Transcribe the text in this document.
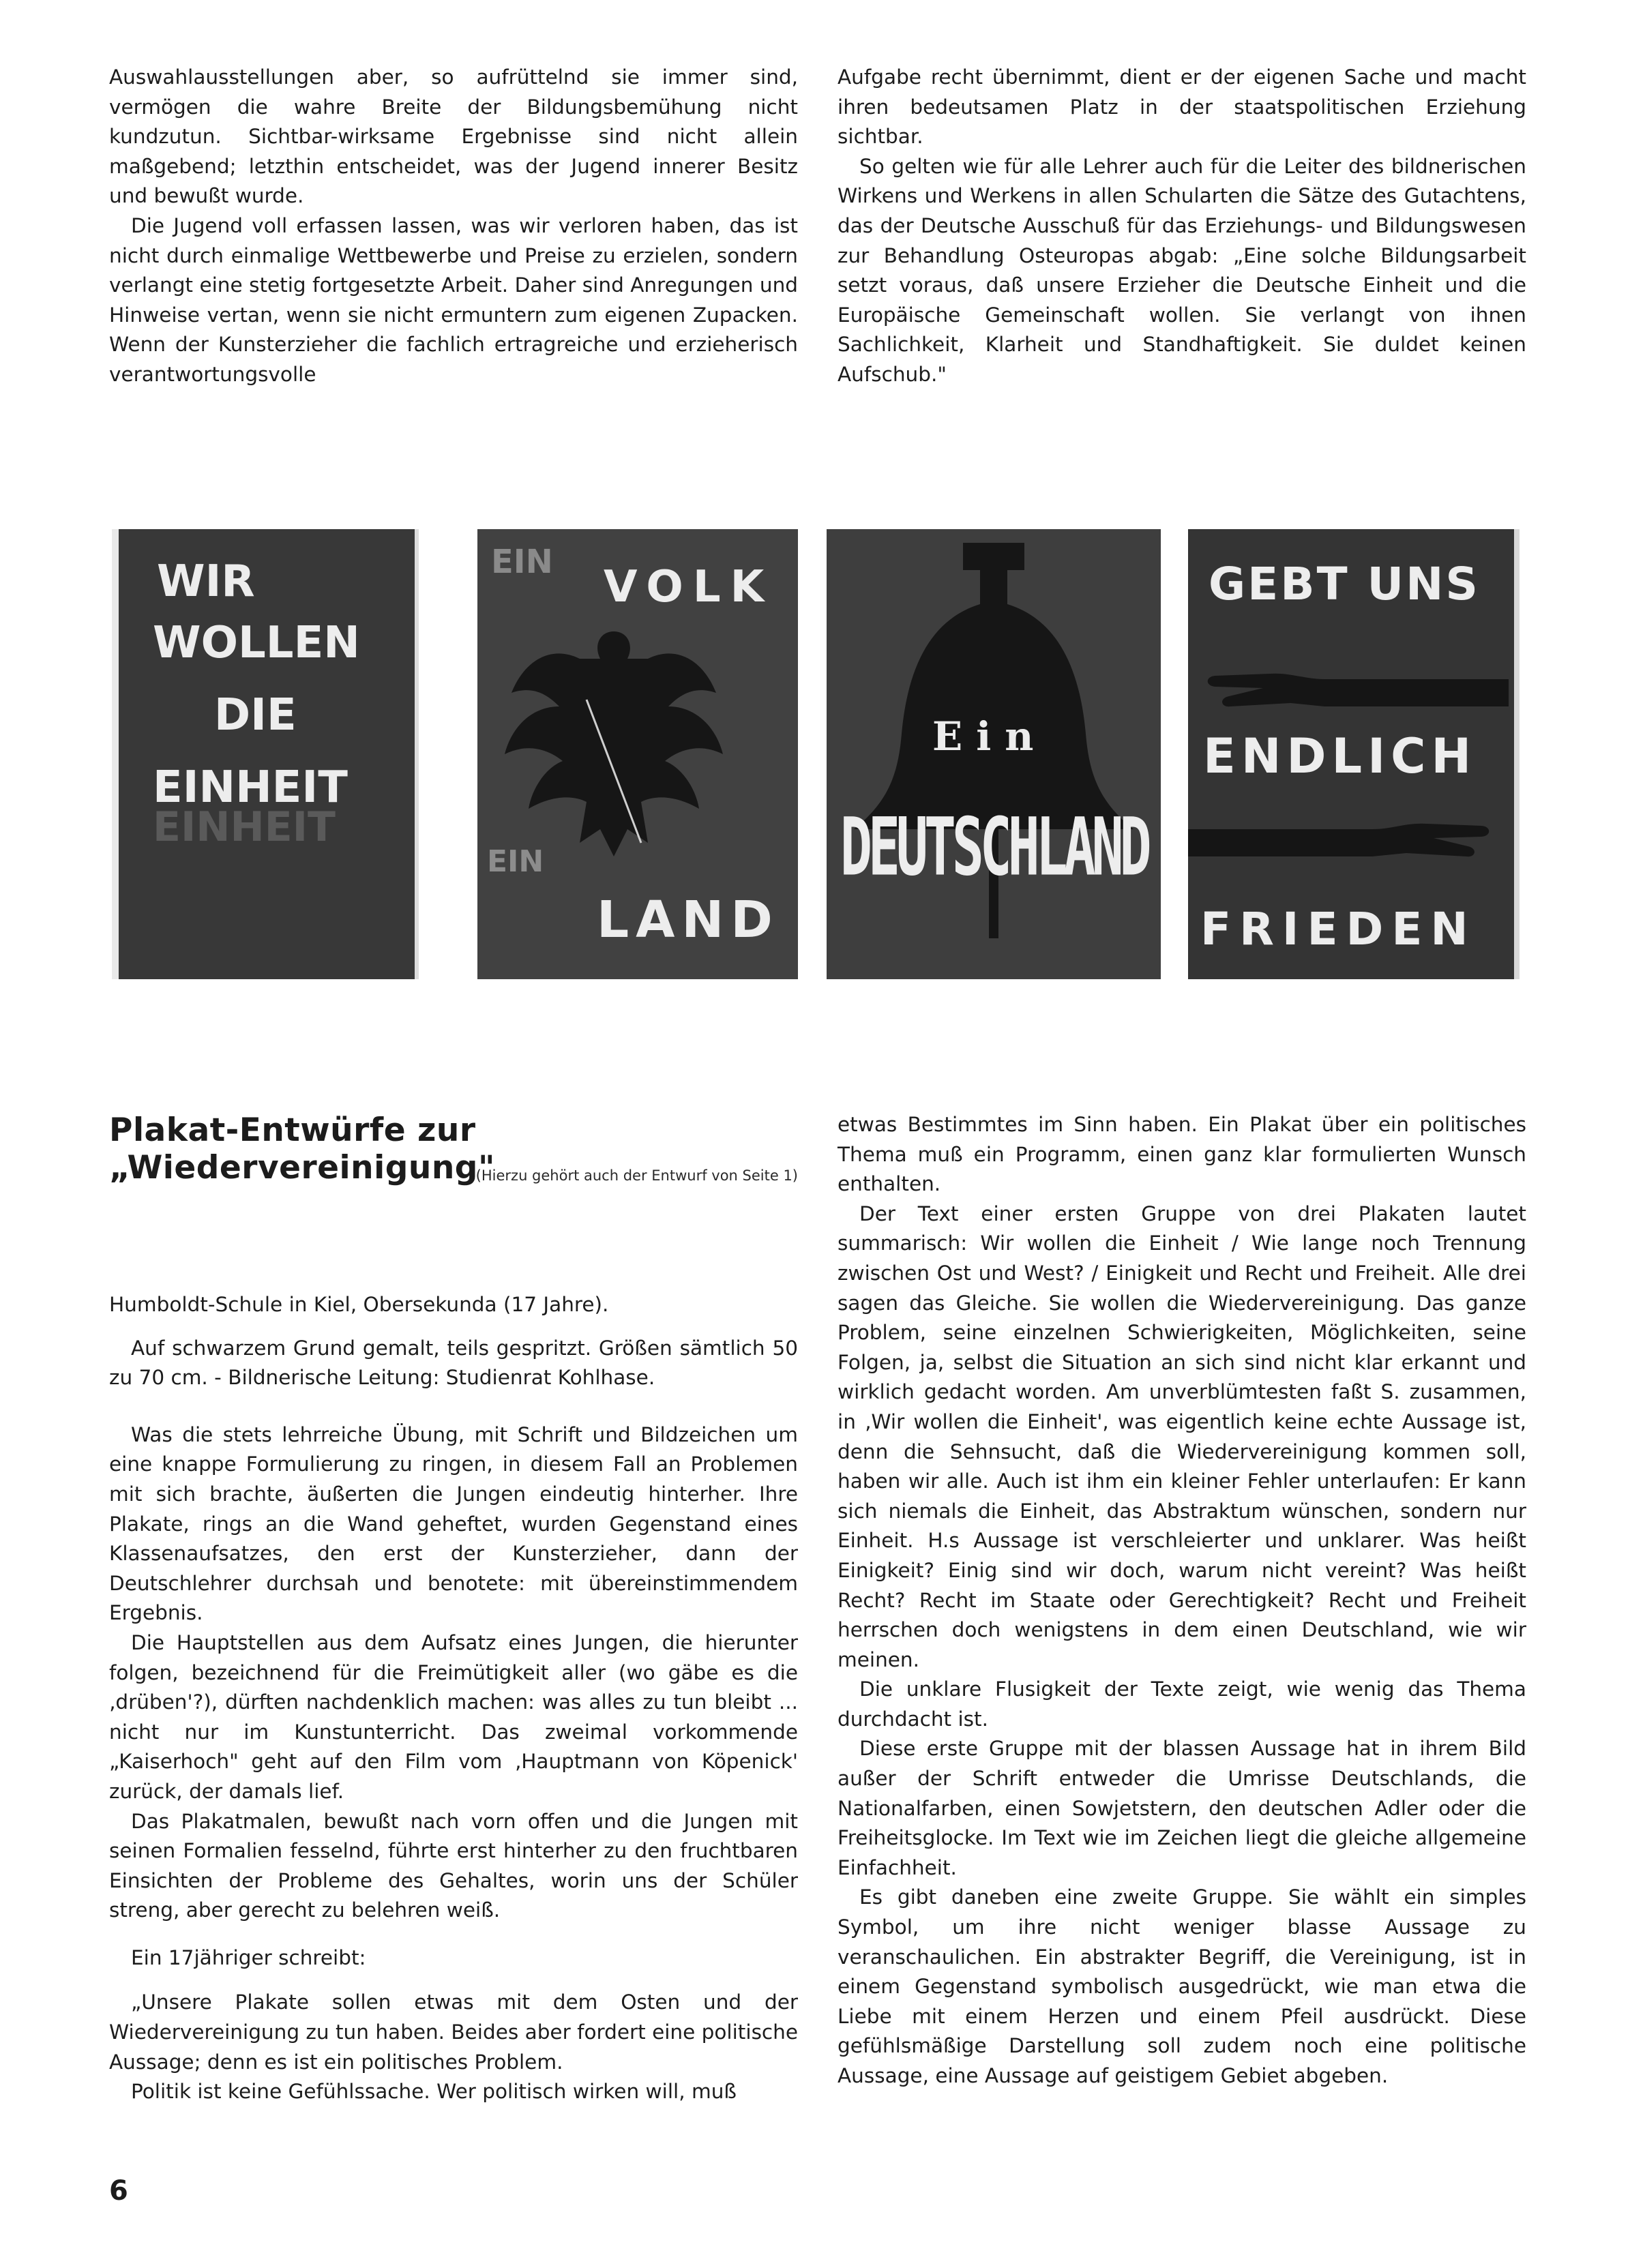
Auswahlausstellungen aber, so aufrüttelnd sie immer sind, vermögen die wahre Breite der Bildungsbemühung nicht kundzutun. Sichtbar-wirksame Ergebnisse sind nicht allein maßgebend; letzthin entscheidet, was der Jugend innerer Besitz und bewußt wurde.

Die Jugend voll erfassen lassen, was wir verloren haben, das ist nicht durch einmalige Wettbewerbe und Preise zu erzielen, sondern verlangt eine stetig fortgesetzte Arbeit. Daher sind Anregungen und Hinweise vertan, wenn sie nicht ermuntern zum eigenen Zupacken. Wenn der Kunsterzieher die fachlich ertragreiche und erzieherisch verantwortungsvolle

Aufgabe recht übernimmt, dient er der eigenen Sache und macht ihren bedeutsamen Platz in der staatspolitischen Erziehung sichtbar.

So gelten wie für alle Lehrer auch für die Leiter des bildnerischen Wirkens und Werkens in allen Schularten die Sätze des Gutachtens, das der Deutsche Ausschuß für das Erziehungs- und Bildungswesen zur Behandlung Osteuropas abgab: „Eine solche Bildungsarbeit setzt voraus, daß unsere Erzieher die Deutsche Einheit und die Europäische Gemeinschaft wollen. Sie verlangt von ihnen Sachlichkeit, Klarheit und Standhaftigkeit. Sie duldet keinen Aufschub."

WIR
WOLLEN
DIE
EINHEIT
EINHEIT
EIN VOLK
EIN
LAND
Ein
DEUTSCHLAND
GEBT UNS
ENDLICH
FRIEDEN
Plakat-Entwürfe zur „Wiedervereinigung"

(Hierzu gehört auch der Entwurf von Seite 1)

Humboldt-Schule in Kiel, Obersekunda (17 Jahre).

Auf schwarzem Grund gemalt, teils gespritzt. Größen sämtlich 50 zu 70 cm. - Bildnerische Leitung: Studienrat Kohlhase.

Was die stets lehrreiche Übung, mit Schrift und Bildzeichen um eine knappe Formulierung zu ringen, in diesem Fall an Problemen mit sich brachte, äußerten die Jungen eindeutig hinterher. Ihre Plakate, rings an die Wand geheftet, wurden Gegenstand eines Klassenaufsatzes, den erst der Kunsterzieher, dann der Deutschlehrer durchsah und benotete: mit übereinstimmendem Ergebnis.

Die Hauptstellen aus dem Aufsatz eines Jungen, die hierunter folgen, bezeichnend für die Freimütigkeit aller (wo gäbe es die ‚drüben'?), dürften nachdenklich machen: was alles zu tun bleibt ... nicht nur im Kunstunterricht. Das zweimal vorkommende „Kaiserhoch" geht auf den Film vom ‚Hauptmann von Köpenick' zurück, der damals lief.

Das Plakatmalen, bewußt nach vorn offen und die Jungen mit seinen Formalien fesselnd, führte erst hinterher zu den fruchtbaren Einsichten der Probleme des Gehaltes, worin uns der Schüler streng, aber gerecht zu belehren weiß.

Ein 17jähriger schreibt:

„Unsere Plakate sollen etwas mit dem Osten und der Wiedervereinigung zu tun haben. Beides aber fordert eine politische Aussage; denn es ist ein politisches Problem.

Politik ist keine Gefühlssache. Wer politisch wirken will, muß

etwas Bestimmtes im Sinn haben. Ein Plakat über ein politisches Thema muß ein Programm, einen ganz klar formulierten Wunsch enthalten.

Der Text einer ersten Gruppe von drei Plakaten lautet summarisch: Wir wollen die Einheit / Wie lange noch Trennung zwischen Ost und West? / Einigkeit und Recht und Freiheit. Alle drei sagen das Gleiche. Sie wollen die Wiedervereinigung. Das ganze Problem, seine einzelnen Schwierigkeiten, Möglichkeiten, seine Folgen, ja, selbst die Situation an sich sind nicht klar erkannt und wirklich gedacht worden. Am unverblümtesten faßt S. zusammen, in ‚Wir wollen die Einheit', was eigentlich keine echte Aussage ist, denn die Sehnsucht, daß die Wiedervereinigung kommen soll, haben wir alle. Auch ist ihm ein kleiner Fehler unterlaufen: Er kann sich niemals die Einheit, das Abstraktum wünschen, sondern nur Einheit. H.s Aussage ist verschleierter und unklarer. Was heißt Einigkeit? Einig sind wir doch, warum nicht vereint? Was heißt Recht? Recht im Staate oder Gerechtigkeit? Recht und Freiheit herrschen doch wenigstens in dem einen Deutschland, wie wir meinen.

Die unklare Flusigkeit der Texte zeigt, wie wenig das Thema durchdacht ist.

Diese erste Gruppe mit der blassen Aussage hat in ihrem Bild außer der Schrift entweder die Umrisse Deutschlands, die Nationalfarben, einen Sowjetstern, den deutschen Adler oder die Freiheitsglocke. Im Text wie im Zeichen liegt die gleiche allgemeine Einfachheit.

Es gibt daneben eine zweite Gruppe. Sie wählt ein simples Symbol, um ihre nicht weniger blasse Aussage zu veranschaulichen. Ein abstrakter Begriff, die Vereinigung, ist in einem Gegenstand symbolisch ausgedrückt, wie man etwa die Liebe mit einem Herzen und einem Pfeil ausdrückt. Diese gefühlsmäßige Darstellung soll zudem noch eine politische Aussage, eine Aussage auf geistigem Gebiet abgeben.

6
